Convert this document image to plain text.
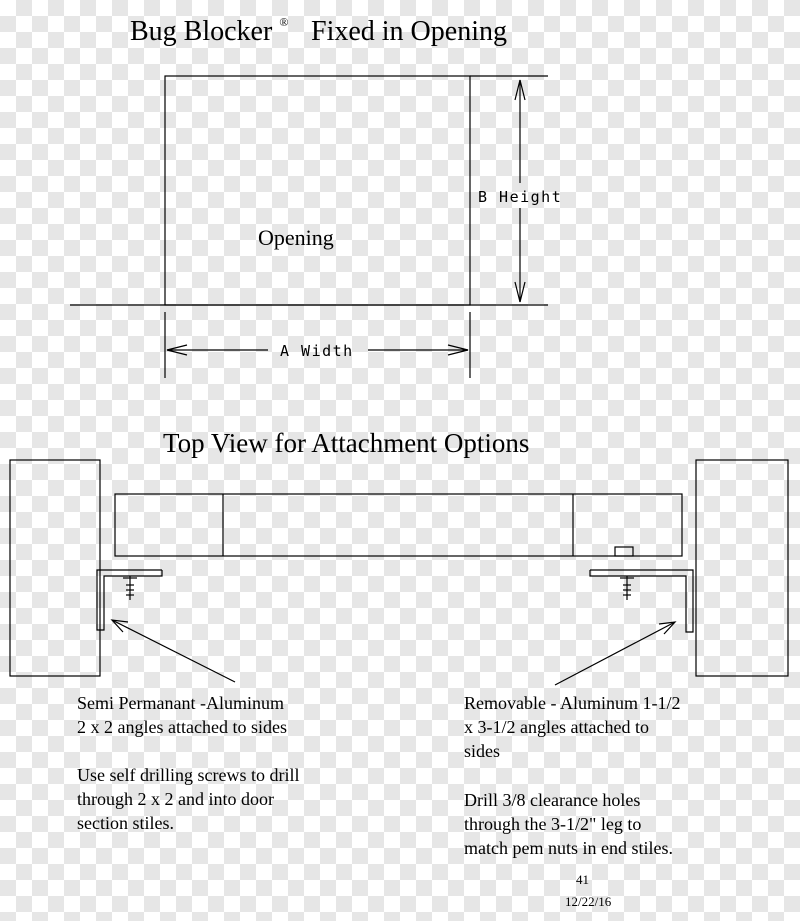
Bug Blocker ® Fixed in Opening
Opening
B Height
A Width
Top View for Attachment Options
Semi Permanant -Aluminum 2 x 2 angles attached to sides Use self drilling screws to drill through 2 x 2 and into door section stiles.
Removable - Aluminum 1-1/2 x 3-1/2 angles attached to sides Drill 3/8 clearance holes through the 3-1/2" leg to match pem nuts in end stiles.
41
12/22/16
